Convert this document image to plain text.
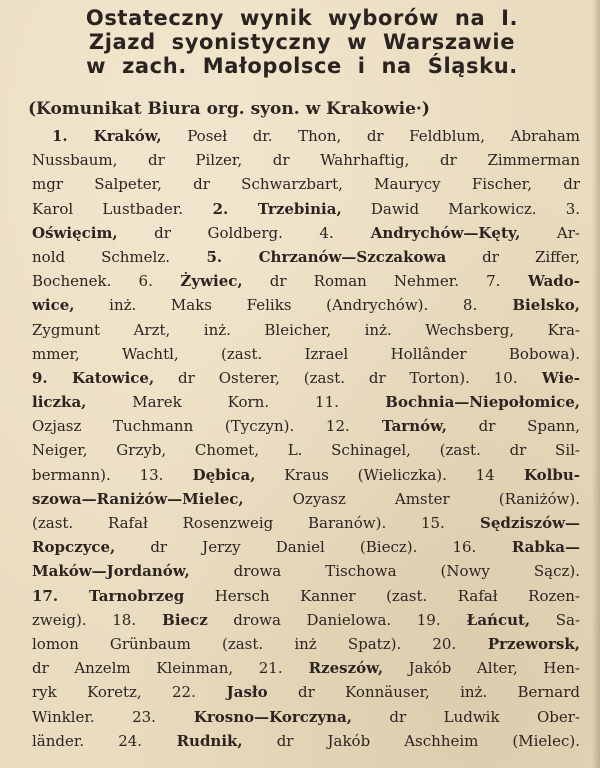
Ostateczny wynik wyborów na I.
Zjazd syonistyczny w Warszawie
w zach. Małopolsce i na Śląsku.

(Komunikat Biura org. syon. w Krakowie·)

1. Kraków, Poseł dr. Thon, dr Feldblum, Abraham
Nussbaum, dr Pilzer, dr Wahrhaftig, dr Zimmerman
mgr Salpeter, dr Schwarzbart, Maurycy Fischer, dr
Karol Lustbader. 2. Trzebinia, Dawid Markowicz. 3.
Oświęcim, dr Goldberg. 4. Andrychów—Kęty, Ar-
nold Schmelz. 5. Chrzanów—Szczakowa dr Ziffer,
Bochenek. 6. Żywiec, dr Roman Nehmer. 7. Wado-
wice, inż. Maks Feliks (Andrychów). 8. Bielsko,
Zygmunt Arzt, inż. Bleicher, inż. Wechsberg, Kra-
mmer, Wachtl, (zast. Izrael Hollânder Bobowa).
9. Katowice, dr Osterer, (zast. dr Torton). 10. Wie-
liczka, Marek Korn. 11. Bochnia—Niepołomice,
Ozjasz Tuchmann (Tyczyn). 12. Tarnów, dr Spann,
Neiger, Grzyb, Chomet, L. Schinagel, (zast. dr Sil-
bermann). 13. Dębica, Kraus (Wieliczka). 14 Kolbu-
szowa—Raniżów—Mielec, Ozyasz Amster (Raniżów).
(zast. Rafał Rosenzweig Baranów). 15. Sędziszów—
Ropczyce, dr Jerzy Daniel (Biecz). 16. Rabka—
Maków—Jordanów, drowa Tischowa (Nowy Sącz).
17. Tarnobrzeg Hersch Kanner (zast. Rafał Rozen-
zweig). 18. Biecz drowa Danielowa. 19. Łańcut, Sa-
lomon Grünbaum (zast. inż Spatz). 20. Przeworsk,
dr Anzelm Kleinman, 21. Rzeszów, Jakób Alter, Hen-
ryk Koretz, 22. Jasło dr Konnäuser, inż. Bernard
Winkler. 23. Krosno—Korczyna, dr Ludwik Ober-
länder. 24. Rudnik, dr Jakób Aschheim (Mielec).
